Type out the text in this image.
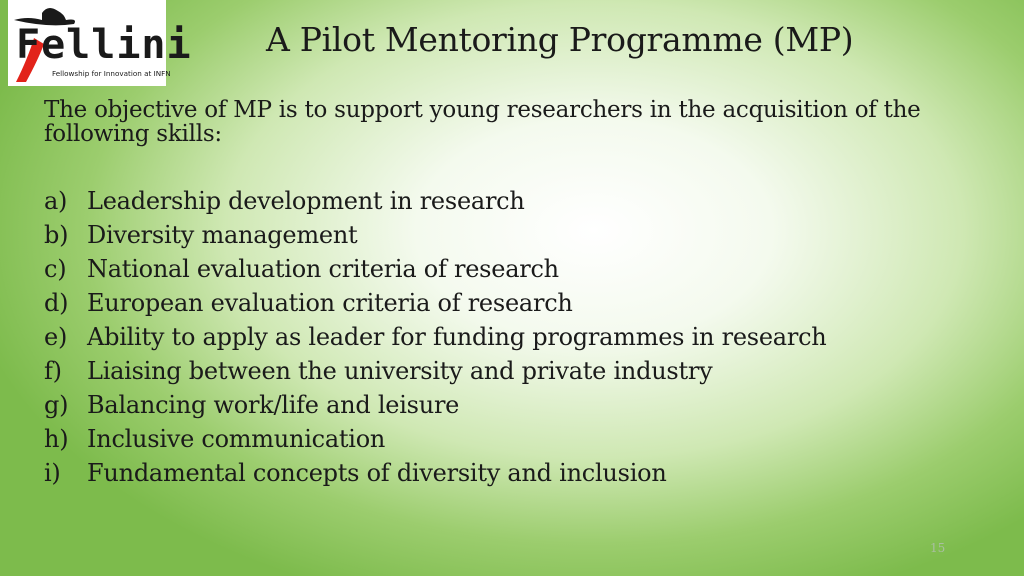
Fellini
Fellowship for Innovation at INFN
A Pilot Mentoring Programme (MP)

The objective of MP is to support young researchers in the acquisition of the following skills:

a) Leadership development in research
b) Diversity management
c) National evaluation criteria of research
d) European evaluation criteria of research
e) Ability to apply as leader for funding programmes in research
f)	Liaising between the university and private industry
g) Balancing work/life and leisure
h) Inclusive communication
i)	Fundamental concepts of diversity and inclusion
15
